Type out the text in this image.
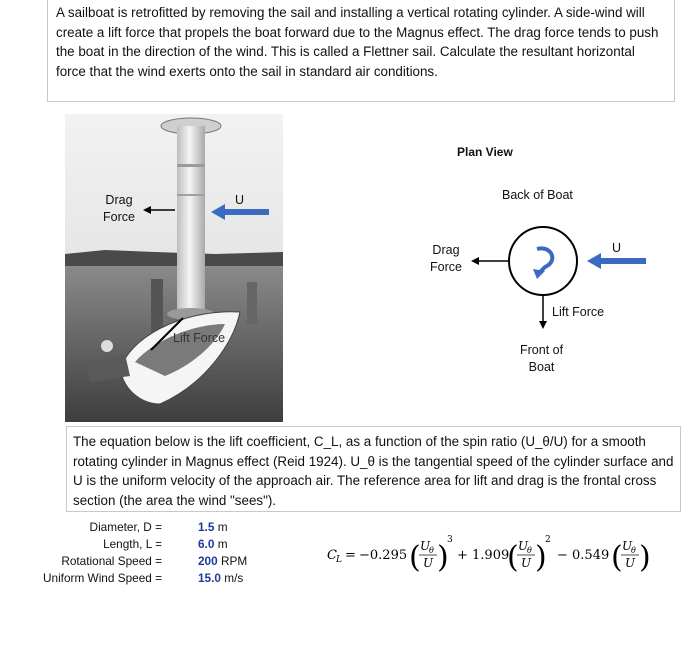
A sailboat is retrofitted by removing the sail and installing a vertical rotating cylinder. A side-wind will create a lift force that propels the boat forward due to the Magnus effect. The drag force tends to push the boat in the direction of the wind. This is called a Flettner sail. Calculate the resultant horizontal force that the wind exerts onto the sail in standard air conditions.
Drag
Force
U
Lift Force
Plan View
Back of Boat
Drag
Force
U
Lift Force
Front of
Boat
The equation below is the lift coefficient, C_L, as a function of the spin ratio (U_θ/U) for a smooth rotating cylinder in Magnus effect (Reid 1924). U_θ is the tangential speed of the cylinder surface and U is the uniform velocity of the approach air. The reference area for lift and drag is the frontal cross section (the area the wind "sees").
Diameter, D =	1.5 m
Length, L =	6.0 m
Rotational Speed =	200 RPM
Uniform Wind Speed =	15.0 m/s
C L = −0.295 ( U
θ
U )
3
+ 1.909
( U
θ
U )
2
− 0.549 ( U
θ
U )
